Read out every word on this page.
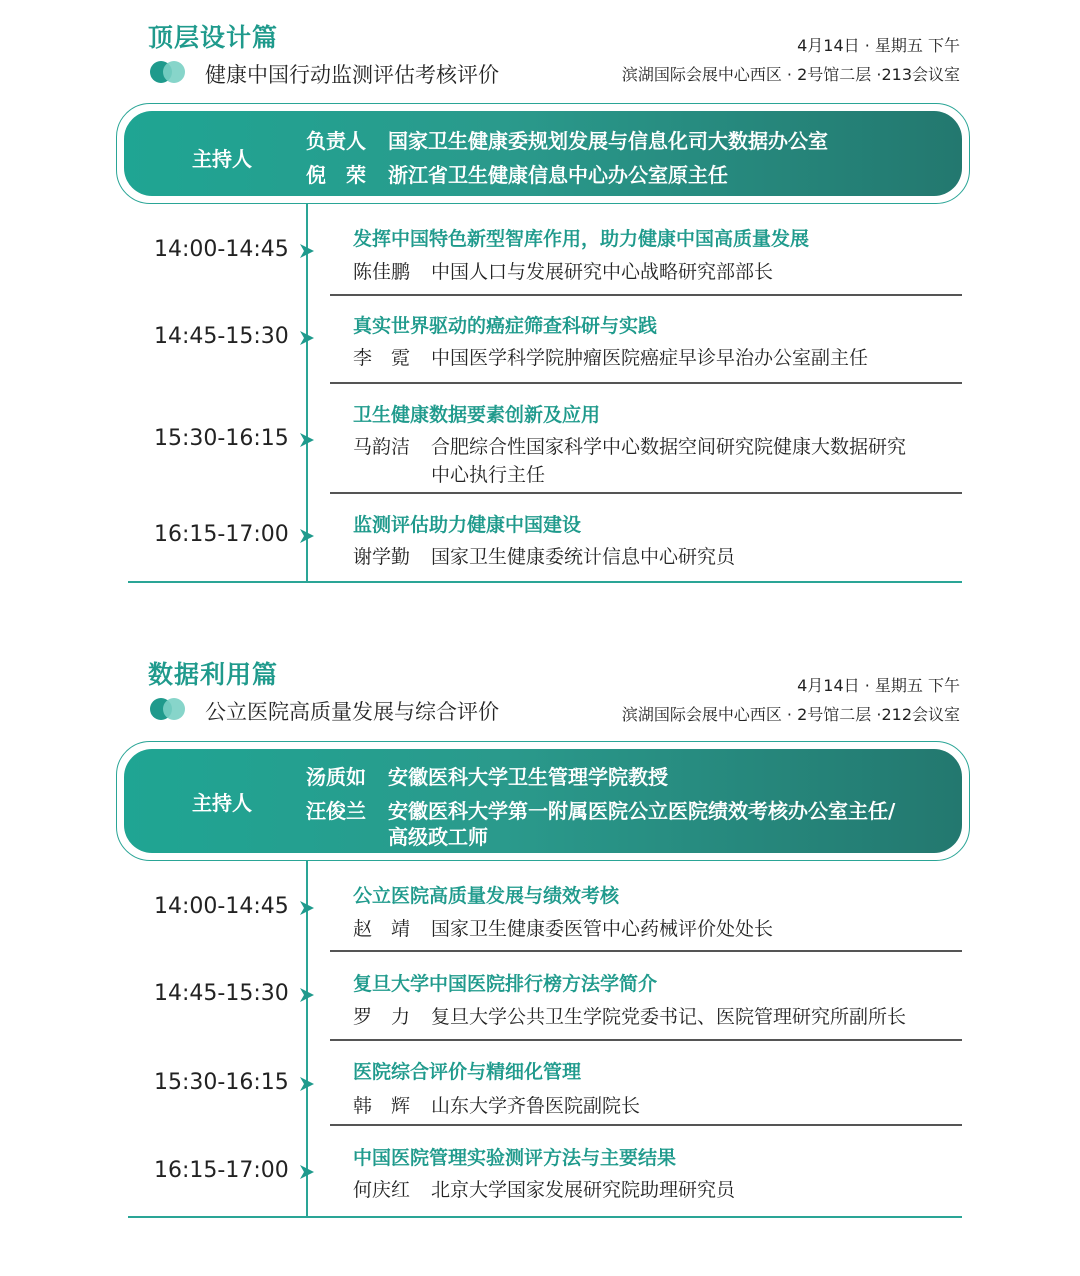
顶层设计篇
健康中国行动监测评估考核评价
4月14日 · 星期五 下午
滨湖国际会展中心西区 · 2号馆二层 ·213会议室
主持人
负责人 国家卫生健康委规划发展与信息化司大数据办公室
倪　荣 浙江省卫生健康信息中心办公室原主任
14:00-14:45	发挥中国特色新型智库作用，助力健康中国高质量发展
陈佳鹏 中国人口与发展研究中心战略研究部部长
14:45-15:30	真实世界驱动的癌症筛查科研与实践
李　霓 中国医学科学院肿瘤医院癌症早诊早治办公室副主任
15:30-16:15
卫生健康数据要素创新及应用
马韵洁 合肥综合性国家科学中心数据空间研究院健康大数据研究
中心执行主任
16:15-17:00	监测评估助力健康中国建设
谢学勤 国家卫生健康委统计信息中心研究员
数据利用篇
公立医院高质量发展与综合评价
4月14日 · 星期五 下午
滨湖国际会展中心西区 · 2号馆二层 ·212会议室
主持人
汤质如 安徽医科大学卫生管理学院教授
汪俊兰 安徽医科大学第一附属医院公立医院绩效考核办公室主任/
高级政工师
14:00-14:45	公立医院高质量发展与绩效考核
赵　靖 国家卫生健康委医管中心药械评价处处长
14:45-15:30	复旦大学中国医院排行榜方法学简介
罗　力 复旦大学公共卫生学院党委书记、医院管理研究所副所长
15:30-16:15	医院综合评价与精细化管理
韩　辉 山东大学齐鲁医院副院长
16:15-17:00	中国医院管理实验测评方法与主要结果
何庆红 北京大学国家发展研究院助理研究员
